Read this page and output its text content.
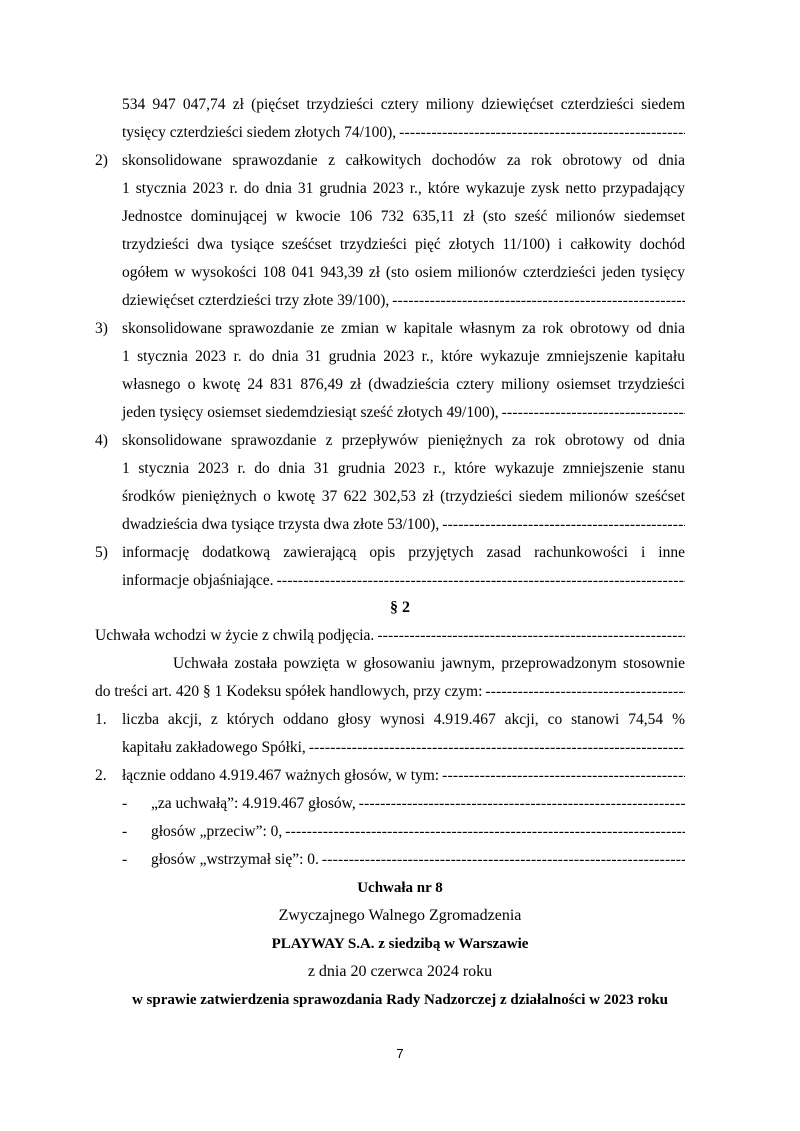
534 947 047,74 zł (pięćset trzydzieści cztery miliony dziewięćset czterdzieści siedem
tysięcy czterdzieści siedem złotych 74/100),
-----
2) skonsolidowane sprawozdanie z całkowitych dochodów za rok obrotowy od dnia
1 stycznia 2023 r. do dnia 31 grudnia 2023 r., które wykazuje zysk netto przypadający
Jednostce dominującej w kwocie 106 732 635,11 zł (sto sześć milionów siedemset
trzydzieści dwa tysiące sześćset trzydzieści pięć złotych 11/100) i całkowity dochód
ogółem w wysokości 108 041 943,39 zł (sto osiem milionów czterdzieści jeden tysięcy
dziewięćset czterdzieści trzy złote 39/100),
-----
3) skonsolidowane sprawozdanie ze zmian w kapitale własnym za rok obrotowy od dnia
1 stycznia 2023 r. do dnia 31 grudnia 2023 r., które wykazuje zmniejszenie kapitału
własnego o kwotę 24 831 876,49 zł (dwadzieścia cztery miliony osiemset trzydzieści
jeden tysięcy osiemset siedemdziesiąt sześć złotych 49/100),
-----
4) skonsolidowane sprawozdanie z przepływów pieniężnych za rok obrotowy od dnia
1 stycznia 2023 r. do dnia 31 grudnia 2023 r., które wykazuje zmniejszenie stanu
środków pieniężnych o kwotę 37 622 302,53 zł (trzydzieści siedem milionów sześćset
dwadzieścia dwa tysiące trzysta dwa złote 53/100),
-----
5) informację dodatkową zawierającą opis przyjętych zasad rachunkowości i inne
informacje objaśniające.
-----
§ 2
Uchwała wchodzi w życie z chwilą podjęcia.
-----
Uchwała została powzięta w głosowaniu jawnym, przeprowadzonym stosownie
do treści art. 420 § 1 Kodeksu spółek handlowych, przy czym:
-----
1. liczba akcji, z których oddano głosy wynosi 4.919.467 akcji, co stanowi 74,54 %
kapitału zakładowego Spółki,
-----
2. łącznie oddano 4.919.467 ważnych głosów, w tym:
-----
- „za uchwałą”: 4.919.467 głosów,
-----
- głosów „przeciw”: 0,
-----
- głosów „wstrzymał się”: 0.
-----
Uchwała nr 8
Zwyczajnego Walnego Zgromadzenia
PLAYWAY S.A. z siedzibą w Warszawie
z dnia 20 czerwca 2024 roku
w sprawie zatwierdzenia sprawozdania Rady Nadzorczej z działalności w 2023 roku
7
